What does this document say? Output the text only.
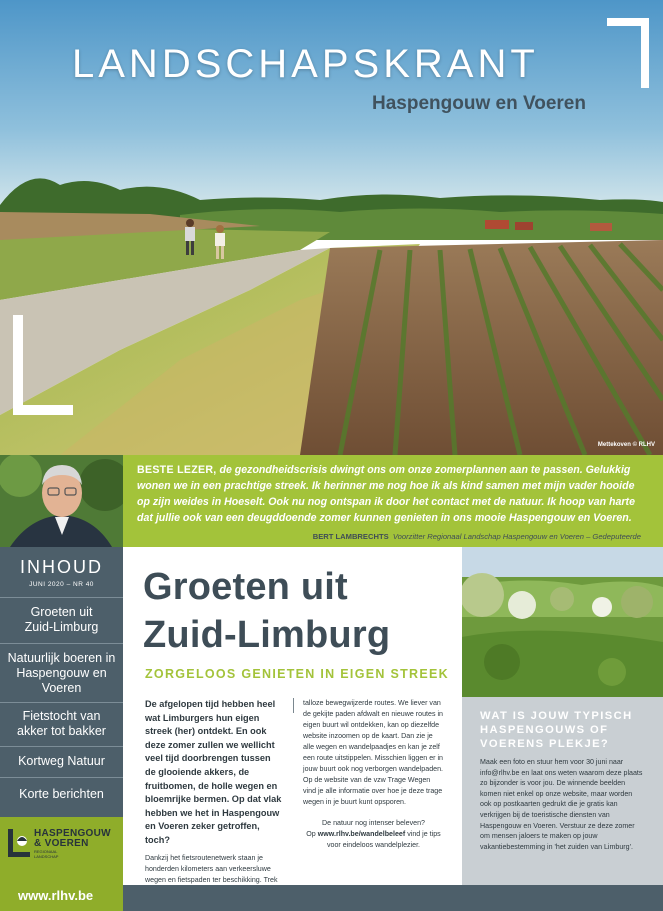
LANDSCHAPSKRANT
Haspengouw en Voeren
Mettekoven © RLHV

BESTE LEZER, de gezondheidscrisis dwingt ons om onze zomerplannen aan te passen. Gelukkig wonen we in een prachtige streek. Ik herinner me nog hoe ik als kind samen met mijn vader hooide op zijn weides in Hoeselt. Ook nu nog ontspan ik door het contact met de natuur. Ik hoop van harte dat jullie ook van een deugddoende zomer kunnen genieten in ons mooie Haspengouw en Voeren.

BERT LAMBRECHTS Voorzitter Regionaal Landschap Haspengouw en Voeren – Gedeputeerde
INHOUD
JUNI 2020 – NR 40
Groeten uit Zuid-Limburg
Natuurlijk boeren in Haspengouw en Voeren
Fietstocht van akker tot bakker
Kortweg Natuur
Korte berichten
HASPENGOUW
& VOEREN
REGIONAAL
LANDSCHAP
www.rlhv.be
Groeten uit
Zuid-Limburg
ZORGELOOS GENIETEN IN EIGEN STREEK

De afgelopen tijd hebben heel wat Limburgers hun eigen streek (her) ontdekt. En ook deze zomer zullen we wellicht veel tijd doorbrengen tussen de glooiende akkers, de fruitbomen, de holle wegen en bloemrijke bermen. Op dat vlak hebben we het in Haspengouw en Voeren zeker getroffen, toch?

Dankzij het fietsroutenetwerk staan je honderden kilometers aan verkeersluwe wegen en fietspaden ter beschikking. Trek

talloze bewegwijzerde routes. We liever van de gekijte paden afdwalt en nieuwe routes in eigen buurt wil ontdekken, kan op diezelfde website inzoomen op de kaart. Dan zie je alle wegen en wandelpaadjes en kan je zelf een route uitstippelen. Misschien liggen er in jouw buurt ook nog verborgen wandelpaden. Op de website van de vzw Trage Wegen vind je alle informatie over hoe je deze trage wegen in je buurt kunt opsporen.

De natuur nog intenser beleven?
Op www.rlhv.be/wandelbeleef vind je tips voor eindeloos wandelplezier.

WAT IS JOUW TYPISCH HASPENGOUWS OF VOERENS PLEKJE?

Maak een foto en stuur hem voor 30 juni naar info@rlhv.be en laat ons weten waarom deze plaats zo bijzonder is voor jou. De winnende beelden komen niet enkel op onze website, maar worden ook op postkaarten gedrukt die je gratis kan verkrijgen bij de toeristische diensten van Haspengouw en Voeren. Verstuur ze deze zomer om mensen jaloers te maken op jouw vakantiebestemming in 'het zuiden van Limburg'.
